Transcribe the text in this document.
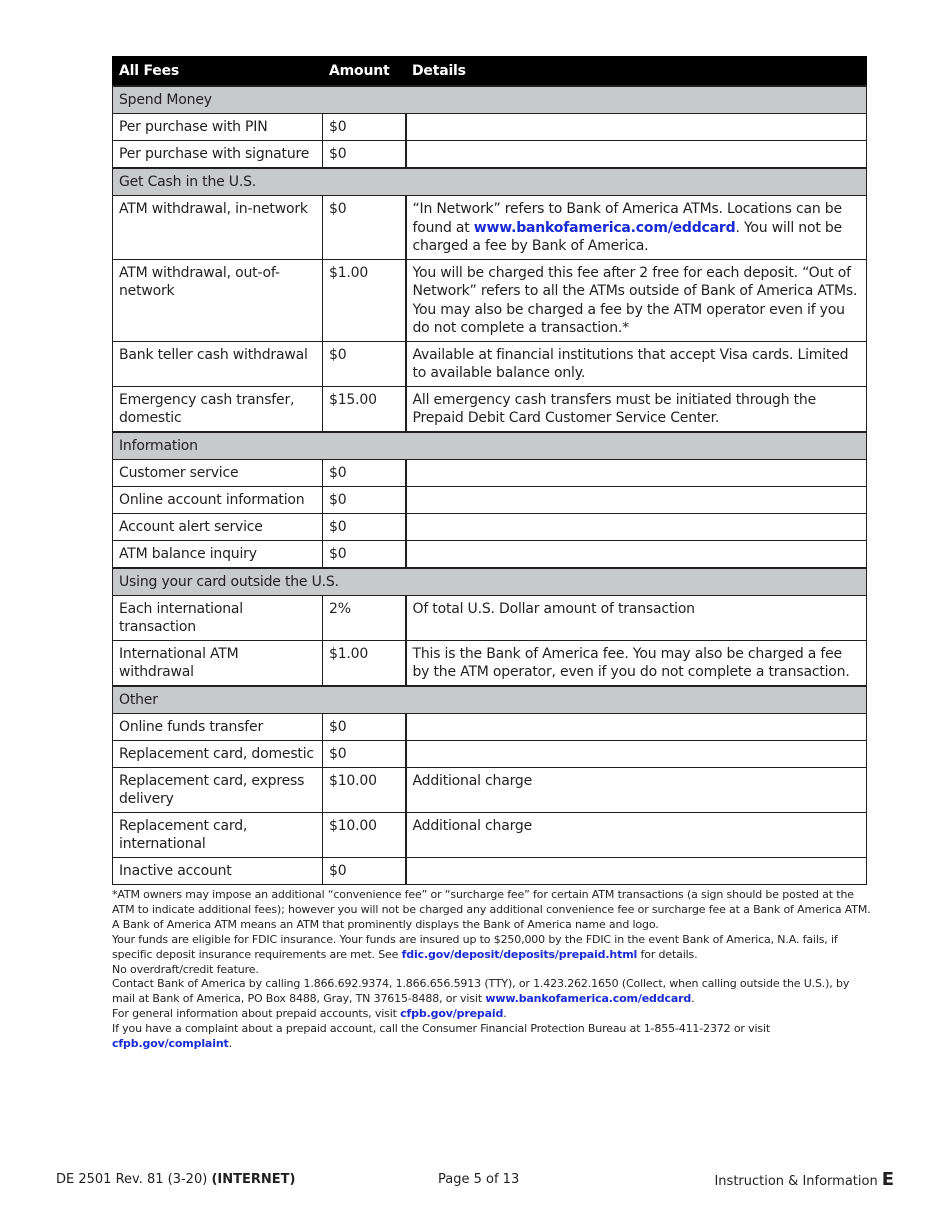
All Fees	Amount	Details
Spend Money		
Per purchase with PIN	$0	
Per purchase with signature	$0	
Get Cash in the U.S.		
ATM withdrawal, in-network	$0	“In Network” refers to Bank of America ATMs. Locations can be found at www.bankofamerica.com/eddcard. You will not be charged a fee by Bank of America.
ATM withdrawal, out-of-network	$1.00	You will be charged this fee after 2 free for each deposit. “Out of Network” refers to all the ATMs outside of Bank of America ATMs. You may also be charged a fee by the ATM operator even if you do not complete a transaction.*
Bank teller cash withdrawal	$0	Available at financial institutions that accept Visa cards. Limited to available balance only.
Emergency cash transfer, domestic	$15.00	All emergency cash transfers must be initiated through the Prepaid Debit Card Customer Service Center.
Information		
Customer service	$0	
Online account information	$0	
Account alert service	$0	
ATM balance inquiry	$0	
Using your card outside the U.S.		
Each international transaction	2%	Of total U.S. Dollar amount of transaction
International ATM withdrawal	$1.00	This is the Bank of America fee. You may also be charged a fee by the ATM operator, even if you do not complete a transaction.
Other		
Online funds transfer	$0	
Replacement card, domestic	$0	
Replacement card, express delivery	$10.00	Additional charge
Replacement card, international	$10.00	Additional charge
Inactive account	$0	

*ATM owners may impose an additional “convenience fee” or “surcharge fee” for certain ATM transactions (a sign should be posted at the ATM to indicate additional fees); however you will not be charged any additional convenience fee or surcharge fee at a Bank of America ATM. A Bank of America ATM means an ATM that prominently displays the Bank of America name and logo.

Your funds are eligible for FDIC insurance. Your funds are insured up to $250,000 by the FDIC in the event Bank of America, N.A. fails, if specific deposit insurance requirements are met. See fdic.gov/deposit/deposits/prepaid.html for details.

No overdraft/credit feature.

Contact Bank of America by calling 1.866.692.9374, 1.866.656.5913 (TTY), or 1.423.262.1650 (Collect, when calling outside the U.S.), by mail at Bank of America, PO Box 8488, Gray, TN 37615-8488, or visit www.bankofamerica.com/eddcard.

For general information about prepaid accounts, visit cfpb.gov/prepaid.

If you have a complaint about a prepaid account, call the Consumer Financial Protection Bureau at 1-855-411-2372 or visit cfpb.gov/complaint.

DE 2501 Rev. 81 (3-20) (INTERNET)	Page 5 of 13	Instruction & Information E
